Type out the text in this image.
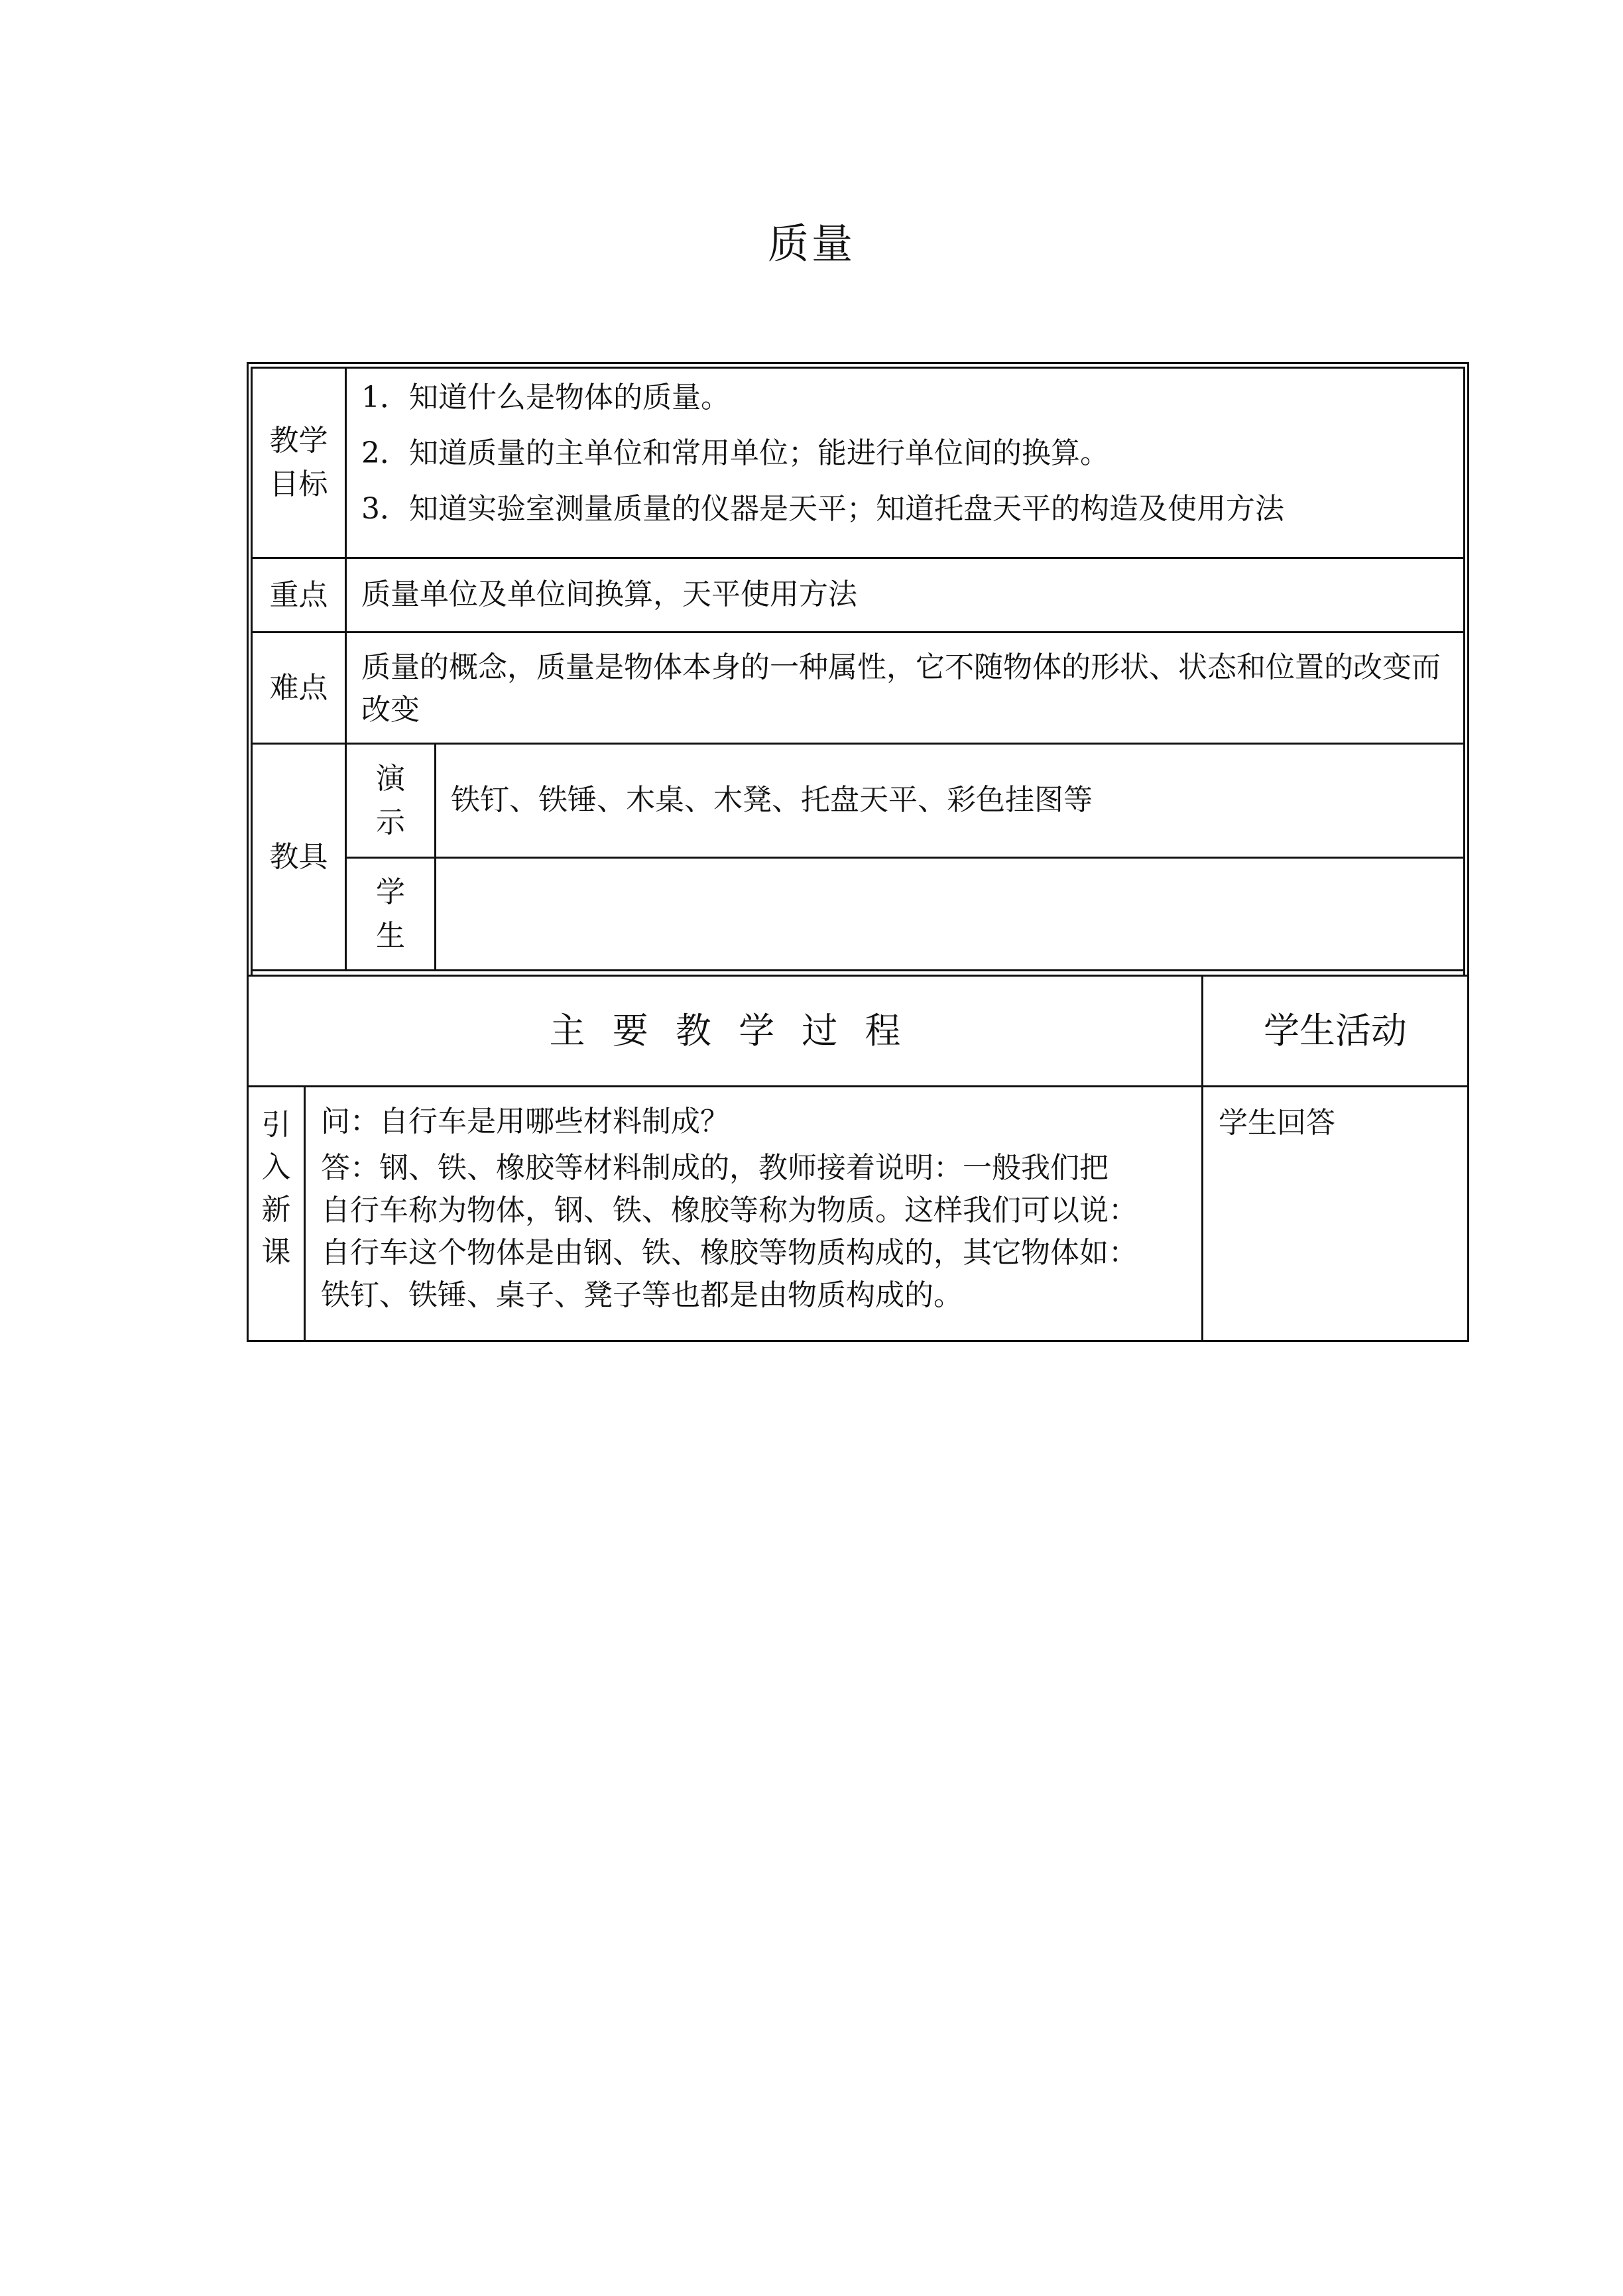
质量
教学
目标

1．知道什么是物体的质量。

2．知道质量的主单位和常用单位；能进行单位间的换算。

3．知道实验室测量质量的仪器是天平；知道托盘天平的构造及使用方法

重点	质量单位及单位间换算，天平使用方法
难点
质量的概念，质量是物体本身的一种属性，它不随物体的形状、状态和位置的改变而改变
教具
演
示
铁钉、铁锤、木桌、木凳、托盘天平、彩色挂图等
学
生
主 要 教 学 过 程	学生活动
引
入
新
课

问：自行车是用哪些材料制成？

答：钢、铁、橡胶等材料制成的，教师接着说明：一般我们把

自行车称为物体，钢、铁、橡胶等称为物质。这样我们可以说：

自行车这个物体是由钢、铁、橡胶等物质构成的，其它物体如：

铁钉、铁锤、桌子、凳子等也都是由物质构成的。

学生回答
